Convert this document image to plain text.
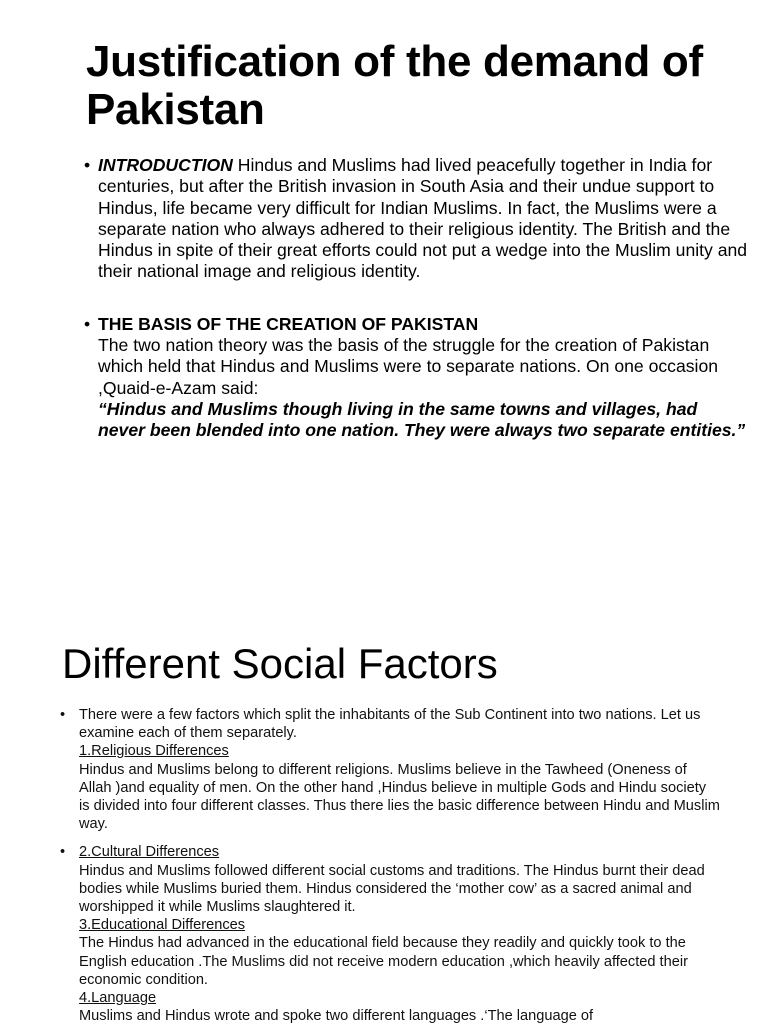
Justification of the demand of Pakistan
• INTRODUCTION Hindus and Muslims had lived peacefully together in India for centuries, but after the British invasion in South Asia and their undue support to Hindus, life became very difficult for Indian Muslims. In fact, the Muslims were a separate nation who always adhered to their religious identity. The British and the Hindus in spite of their great efforts could not put a wedge into the Muslim unity and their national image and religious identity.
• THE BASIS OF THE CREATION OF PAKISTAN
The two nation theory was the basis of the struggle for the creation of Pakistan which held that Hindus and Muslims were to separate nations. On one occasion ,Quaid-e-Azam said:
“Hindus and Muslims though living in the same towns and villages, had never been blended into one nation. They were always two separate entities.”
Different Social Factors
• There were a few factors which split the inhabitants of the Sub Continent into two nations. Let us examine each of them separately.
1.Religious Differences
Hindus and Muslims belong to different religions. Muslims believe in the Tawheed (Oneness of Allah )and equality of men. On the other hand ,Hindus believe in multiple Gods and Hindu society is divided into four different classes. Thus there lies the basic difference between Hindu and Muslim way.
• 2.Cultural Differences
Hindus and Muslims followed different social customs and traditions. The Hindus burnt their dead bodies while Muslims buried them. Hindus considered the ‘mother cow’ as a sacred animal and worshipped it while Muslims slaughtered it.
3.Educational Differences
The Hindus had advanced in the educational field because they readily and quickly took to the English education .The Muslims did not receive modern education ,which heavily affected their economic condition.
4.Language
Muslims and Hindus wrote and spoke two different languages .‘The language of
